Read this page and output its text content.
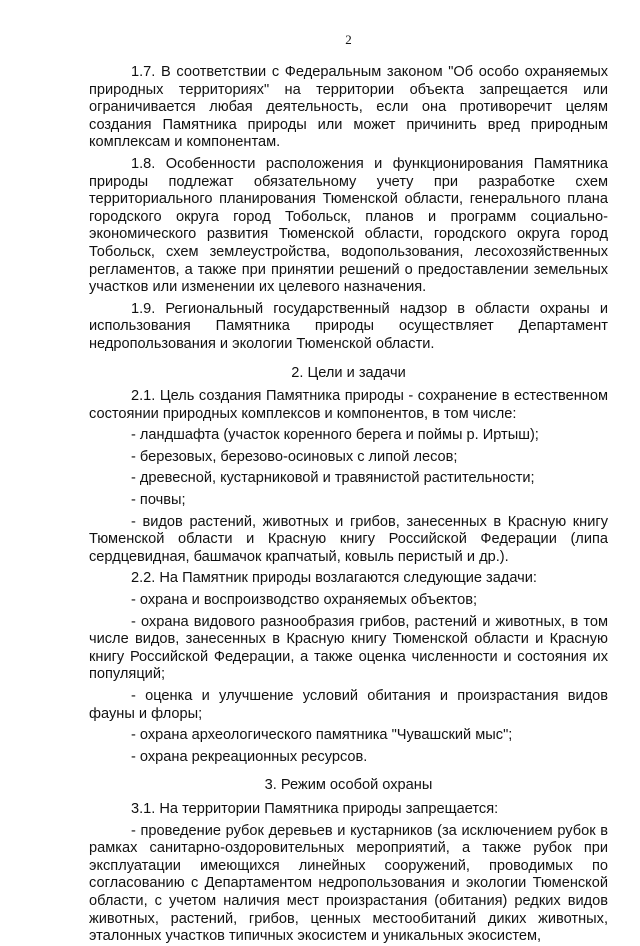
2

1.7. В соответствии с Федеральным законом "Об особо охраняемых природных территориях" на территории объекта запрещается или ограничивается любая деятельность, если она противоречит целям создания Памятника природы или может причинить вред природным комплексам и компонентам.

1.8. Особенности расположения и функционирования Памятника природы подлежат обязательному учету при разработке схем территориального планирования Тюменской области, генерального плана городского округа город Тобольск, планов и программ социально-экономического развития Тюменской области, городского округа город Тобольск, схем землеустройства, водопользования, лесохозяйственных регламентов, а также при принятии решений о предоставлении земельных участков или изменении их целевого назначения.

1.9. Региональный государственный надзор в области охраны и использования Памятника природы осуществляет Департамент недропользования и экологии Тюменской области.

2. Цели и задачи

2.1. Цель создания Памятника природы - сохранение в естественном состоянии природных комплексов и компонентов, в том числе:

- ландшафта (участок коренного берега и поймы р. Иртыш);

- березовых, березово-осиновых с липой лесов;

- древесной, кустарниковой и травянистой растительности;

- почвы;

- видов растений, животных и грибов, занесенных в Красную книгу Тюменской области и Красную книгу Российской Федерации (липа сердцевидная, башмачок крапчатый, ковыль перистый и др.).

2.2. На Памятник природы возлагаются следующие задачи:

- охрана и воспроизводство охраняемых объектов;

- охрана видового разнообразия грибов, растений и животных, в том числе видов, занесенных в Красную книгу Тюменской области и Красную книгу Российской Федерации, а также оценка численности и состояния их популяций;

- оценка и улучшение условий обитания и произрастания видов фауны и флоры;

- охрана археологического памятника "Чувашский мыс";

- охрана рекреационных ресурсов.

3. Режим особой охраны

3.1. На территории Памятника природы запрещается:

- проведение рубок деревьев и кустарников (за исключением рубок в рамках санитарно-оздоровительных мероприятий, а также рубок при эксплуатации имеющихся линейных сооружений, проводимых по согласованию с Департаментом недропользования и экологии Тюменской области, с учетом наличия мест произрастания (обитания) редких видов животных, растений, грибов, ценных местообитаний диких животных, эталонных участков типичных экосистем и уникальных экосистем,
